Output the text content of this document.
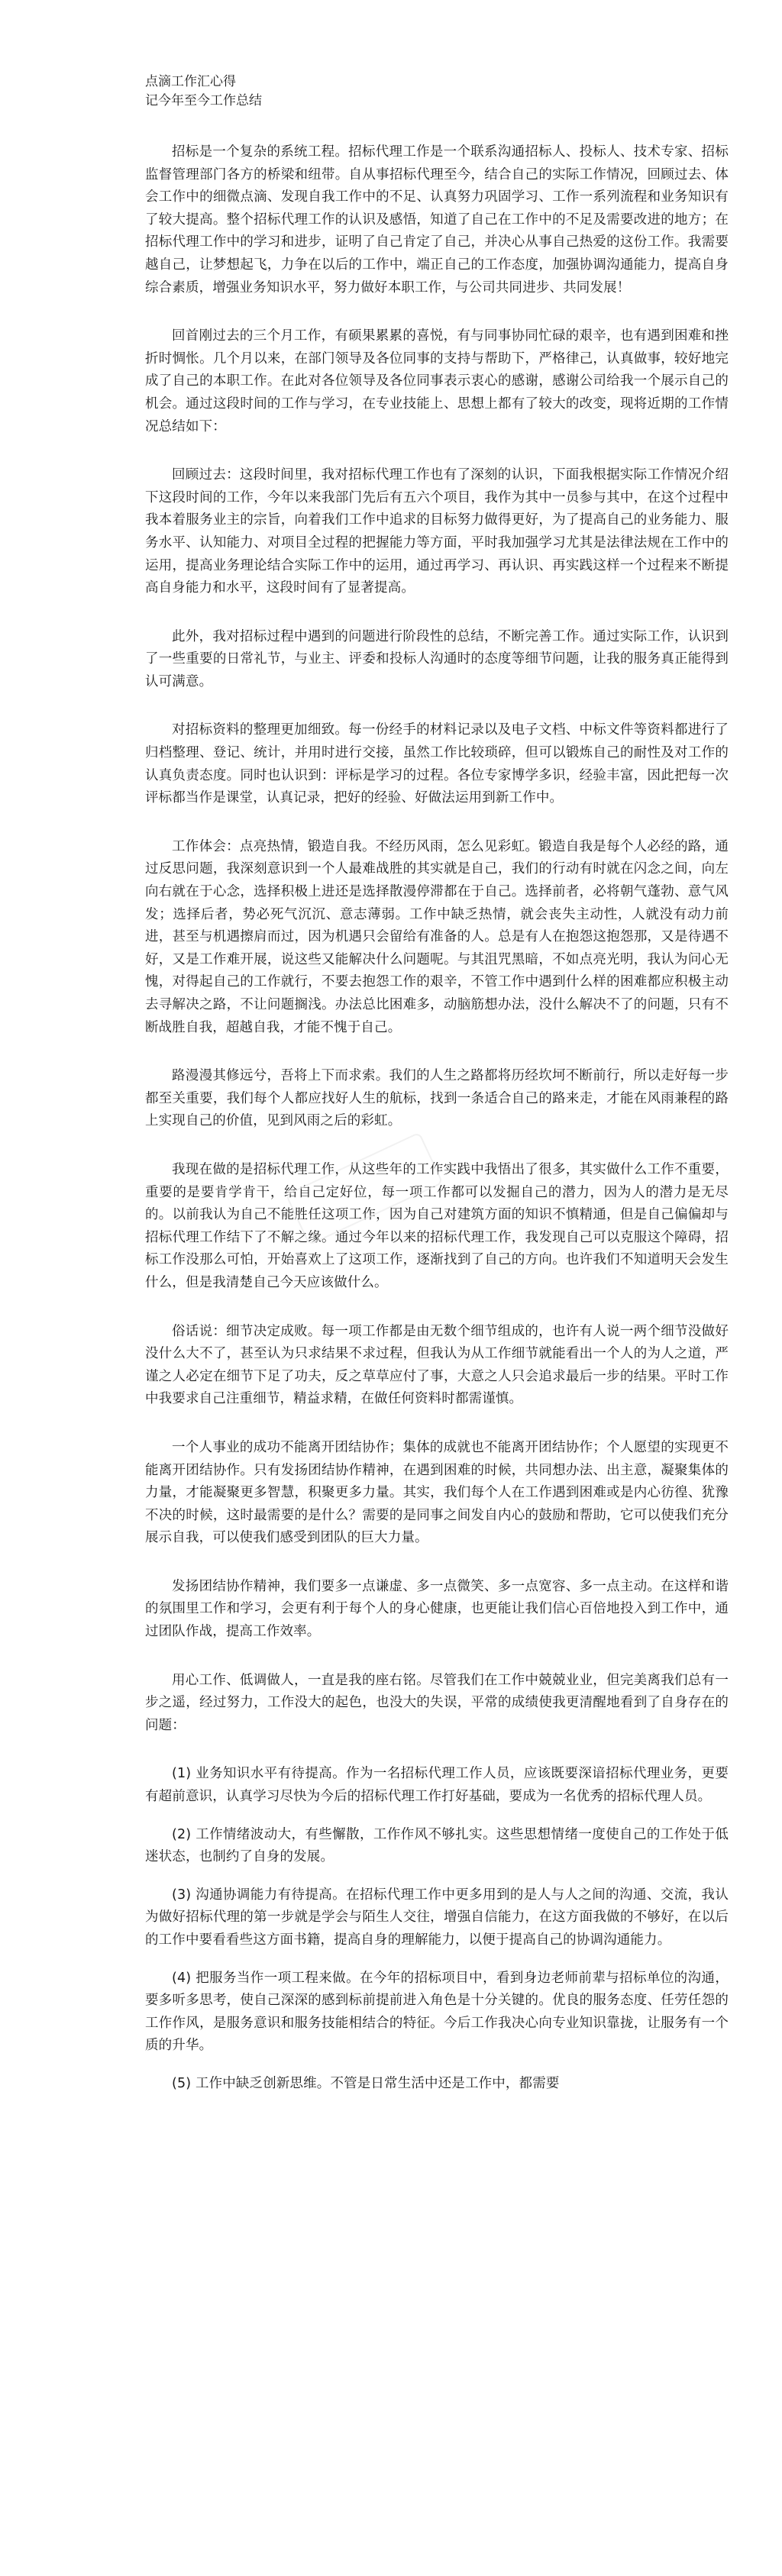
点滴工作汇心得

记今年至今工作总结

招标是一个复杂的系统工程。招标代理工作是一个联系沟通招标人、投标人、技术专家、招标监督管理部门各方的桥梁和纽带。自从事招标代理至今，结合自己的实际工作情况，回顾过去、体会工作中的细微点滴、发现自我工作中的不足、认真努力巩固学习、工作一系列流程和业务知识有了较大提高。整个招标代理工作的认识及感悟，知道了自己在工作中的不足及需要改进的地方；在招标代理工作中的学习和进步，证明了自己肯定了自己，并决心从事自己热爱的这份工作。我需要越自己，让梦想起飞，力争在以后的工作中，端正自己的工作态度，加强协调沟通能力，提高自身综合素质，增强业务知识水平，努力做好本职工作，与公司共同进步、共同发展！

回首刚过去的三个月工作，有硕果累累的喜悦，有与同事协同忙碌的艰辛，也有遇到困难和挫折时惆怅。几个月以来，在部门领导及各位同事的支持与帮助下，严格律己，认真做事，较好地完成了自己的本职工作。在此对各位领导及各位同事表示衷心的感谢，感谢公司给我一个展示自己的机会。通过这段时间的工作与学习，在专业技能上、思想上都有了较大的改变，现将近期的工作情况总结如下：

回顾过去：这段时间里，我对招标代理工作也有了深刻的认识，下面我根据实际工作情况介绍下这段时间的工作，今年以来我部门先后有五六个项目，我作为其中一员参与其中，在这个过程中我本着服务业主的宗旨，向着我们工作中追求的目标努力做得更好，为了提高自己的业务能力、服务水平、认知能力、对项目全过程的把握能力等方面，平时我加强学习尤其是法律法规在工作中的运用，提高业务理论结合实际工作中的运用，通过再学习、再认识、再实践这样一个过程来不断提高自身能力和水平，这段时间有了显著提高。

此外，我对招标过程中遇到的问题进行阶段性的总结，不断完善工作。通过实际工作，认识到了一些重要的日常礼节，与业主、评委和投标人沟通时的态度等细节问题，让我的服务真正能得到认可满意。

对招标资料的整理更加细致。每一份经手的材料记录以及电子文档、中标文件等资料都进行了归档整理、登记、统计，并用时进行交接，虽然工作比较琐碎，但可以锻炼自己的耐性及对工作的认真负责态度。同时也认识到：评标是学习的过程。各位专家博学多识，经验丰富，因此把每一次评标都当作是课堂，认真记录，把好的经验、好做法运用到新工作中。

工作体会：点亮热情，锻造自我。不经历风雨，怎么见彩虹。锻造自我是每个人必经的路，通过反思问题，我深刻意识到一个人最难战胜的其实就是自己，我们的行动有时就在闪念之间，向左向右就在于心念，选择积极上进还是选择散漫停滞都在于自己。选择前者，必将朝气蓬勃、意气风发；选择后者，势必死气沉沉、意志薄弱。工作中缺乏热情，就会丧失主动性，人就没有动力前进，甚至与机遇擦肩而过，因为机遇只会留给有准备的人。总是有人在抱怨这抱怨那，又是待遇不好，又是工作难开展，说这些又能解决什么问题呢。与其沮咒黑暗，不如点亮光明，我认为问心无愧，对得起自己的工作就行，不要去抱怨工作的艰辛，不管工作中遇到什么样的困难都应积极主动去寻解决之路，不让问题搁浅。办法总比困难多，动脑筋想办法，没什么解决不了的问题，只有不断战胜自我，超越自我，才能不愧于自己。

路漫漫其修远兮，吾将上下而求索。我们的人生之路都将历经坎坷不断前行，所以走好每一步都至关重要，我们每个人都应找好人生的航标，找到一条适合自己的路来走，才能在风雨兼程的路上实现自己的价值，见到风雨之后的彩虹。

我现在做的是招标代理工作，从这些年的工作实践中我悟出了很多，其实做什么工作不重要，重要的是要肯学肯干，给自己定好位，每一项工作都可以发掘自己的潜力，因为人的潜力是无尽的。以前我认为自己不能胜任这项工作，因为自己对建筑方面的知识不慎精通，但是自己偏偏却与招标代理工作结下了不解之缘。通过今年以来的招标代理工作，我发现自己可以克服这个障碍，招标工作没那么可怕，开始喜欢上了这项工作，逐渐找到了自己的方向。也许我们不知道明天会发生什么，但是我清楚自己今天应该做什么。

俗话说：细节决定成败。每一项工作都是由无数个细节组成的，也许有人说一两个细节没做好没什么大不了，甚至认为只求结果不求过程，但我认为从工作细节就能看出一个人的为人之道，严谨之人必定在细节下足了功夫，反之草草应付了事，大意之人只会追求最后一步的结果。平时工作中我要求自己注重细节，精益求精，在做任何资料时都需谨慎。

一个人事业的成功不能离开团结协作；集体的成就也不能离开团结协作；个人愿望的实现更不能离开团结协作。只有发扬团结协作精神，在遇到困难的时候，共同想办法、出主意，凝聚集体的力量，才能凝聚更多智慧，积聚更多力量。其实，我们每个人在工作遇到困难或是内心彷徨、犹豫不决的时候，这时最需要的是什么？需要的是同事之间发自内心的鼓励和帮助，它可以使我们充分展示自我，可以使我们感受到团队的巨大力量。

发扬团结协作精神，我们要多一点谦虚、多一点微笑、多一点宽容、多一点主动。在这样和谐的氛围里工作和学习，会更有利于每个人的身心健康，也更能让我们信心百倍地投入到工作中，通过团队作战，提高工作效率。

用心工作、低调做人，一直是我的座右铭。尽管我们在工作中兢兢业业，但完美离我们总有一步之遥，经过努力，工作没大的起色，也没大的失误，平常的成绩使我更清醒地看到了自身存在的问题：

(1) 业务知识水平有待提高。作为一名招标代理工作人员，应该既要深谙招标代理业务，更要有超前意识，认真学习尽快为今后的招标代理工作打好基础，要成为一名优秀的招标代理人员。

(2) 工作情绪波动大，有些懈散，工作作风不够扎实。这些思想情绪一度使自己的工作处于低迷状态，也制约了自身的发展。

(3) 沟通协调能力有待提高。在招标代理工作中更多用到的是人与人之间的沟通、交流，我认为做好招标代理的第一步就是学会与陌生人交往，增强自信能力，在这方面我做的不够好，在以后的工作中要看看些这方面书籍，提高自身的理解能力，以便于提高自己的协调沟通能力。

(4) 把服务当作一项工程来做。在今年的招标项目中，看到身边老师前辈与招标单位的沟通，要多听多思考，使自己深深的感到标前提前进入角色是十分关键的。优良的服务态度、任劳任怨的工作作风，是服务意识和服务技能相结合的特征。今后工作我决心向专业知识靠拢，让服务有一个质的升华。

(5) 工作中缺乏创新思维。不管是日常生活中还是工作中，都需要
